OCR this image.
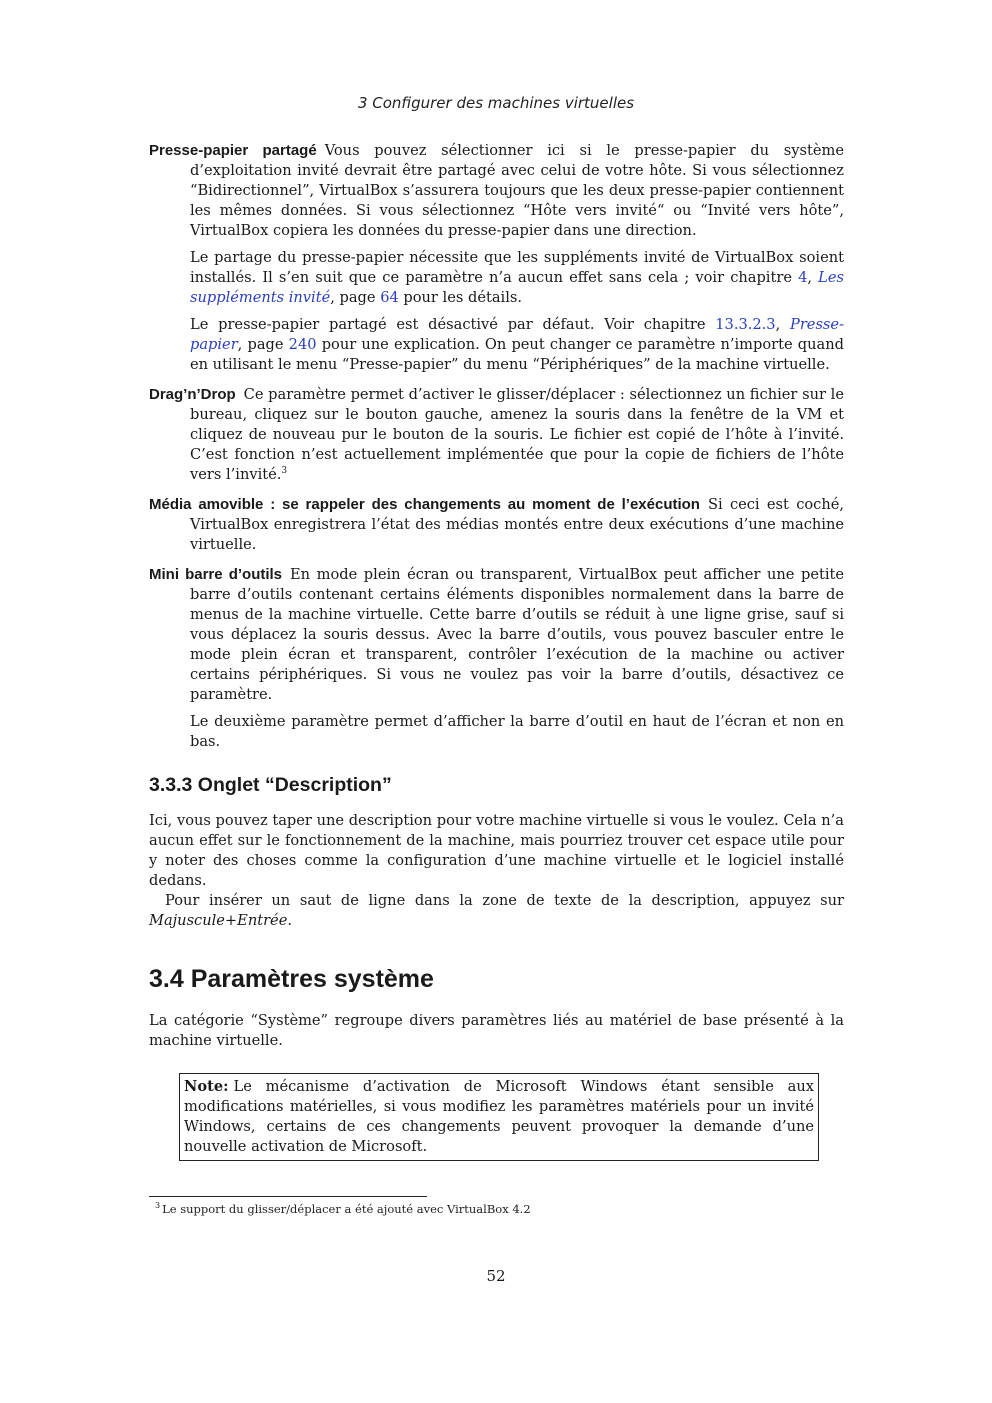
3 Configurer des machines virtuelles

Presse-papier partagé Vous pouvez sélectionner ici si le presse-papier du système d’exploitation invité devrait être partagé avec celui de votre hôte. Si vous sélectionnez “Bidirectionnel”, VirtualBox s’assurera toujours que les deux presse-papier contiennent les mêmes données. Si vous sélectionnez “Hôte vers invité“ ou “Invité vers hôte”, VirtualBox copiera les données du presse-papier dans une direction.

Le partage du presse-papier nécessite que les suppléments invité de VirtualBox soient installés. Il s’en suit que ce paramètre n’a aucun effet sans cela ; voir chapitre 4, Les suppléments invité, page 64 pour les détails.

Le presse-papier partagé est désactivé par défaut. Voir chapitre 13.3.2.3, Presse-papier, page 240 pour une explication. On peut changer ce paramètre n’importe quand en utilisant le menu “Presse-papier” du menu “Périphériques” de la machine virtuelle.

Drag’n’Drop Ce paramètre permet d’activer le glisser/déplacer : sélectionnez un fichier sur le bureau, cliquez sur le bouton gauche, amenez la souris dans la fenêtre de la VM et cliquez de nouveau pur le bouton de la souris. Le fichier est copié de l’hôte à l’invité. C’est fonction n’est actuellement implémentée que pour la copie de fichiers de l’hôte vers l’invité.$^3$

Média amovible : se rappeler des changements au moment de l’exécution Si ceci est coché, VirtualBox enregistrera l’état des médias montés entre deux exécutions d’une machine virtuelle.

Mini barre d’outils En mode plein écran ou transparent, VirtualBox peut afficher une petite barre d’outils contenant certains éléments disponibles normalement dans la barre de menus de la machine virtuelle. Cette barre d’outils se réduit à une ligne grise, sauf si vous déplacez la souris dessus. Avec la barre d’outils, vous pouvez basculer entre le mode plein écran et transparent, contrôler l’exécution de la machine ou activer certains périphériques. Si vous ne voulez pas voir la barre d’outils, désactivez ce paramètre.

Le deuxième paramètre permet d’afficher la barre d’outil en haut de l’écran et non en bas.

3.3.3 Onglet “Description”

Ici, vous pouvez taper une description pour votre machine virtuelle si vous le voulez. Cela n’a aucun effet sur le fonctionnement de la machine, mais pourriez trouver cet espace utile pour y noter des choses comme la configuration d’une machine virtuelle et le logiciel installé dedans.

Pour insérer un saut de ligne dans la zone de texte de la description, appuyez sur Majuscule+Entrée.

3.4 Paramètres système

La catégorie “Système” regroupe divers paramètres liés au matériel de base présenté à la machine virtuelle.

Note: Le mécanisme d’activation de Microsoft Windows étant sensible aux modifications matérielles, si vous modifiez les paramètres matériels pour un invité Windows, certains de ces changements peuvent provoquer la demande d’une nouvelle activation de Microsoft.
$^3$ Le support du glisser/déplacer a été ajouté avec VirtualBox 4.2
52
